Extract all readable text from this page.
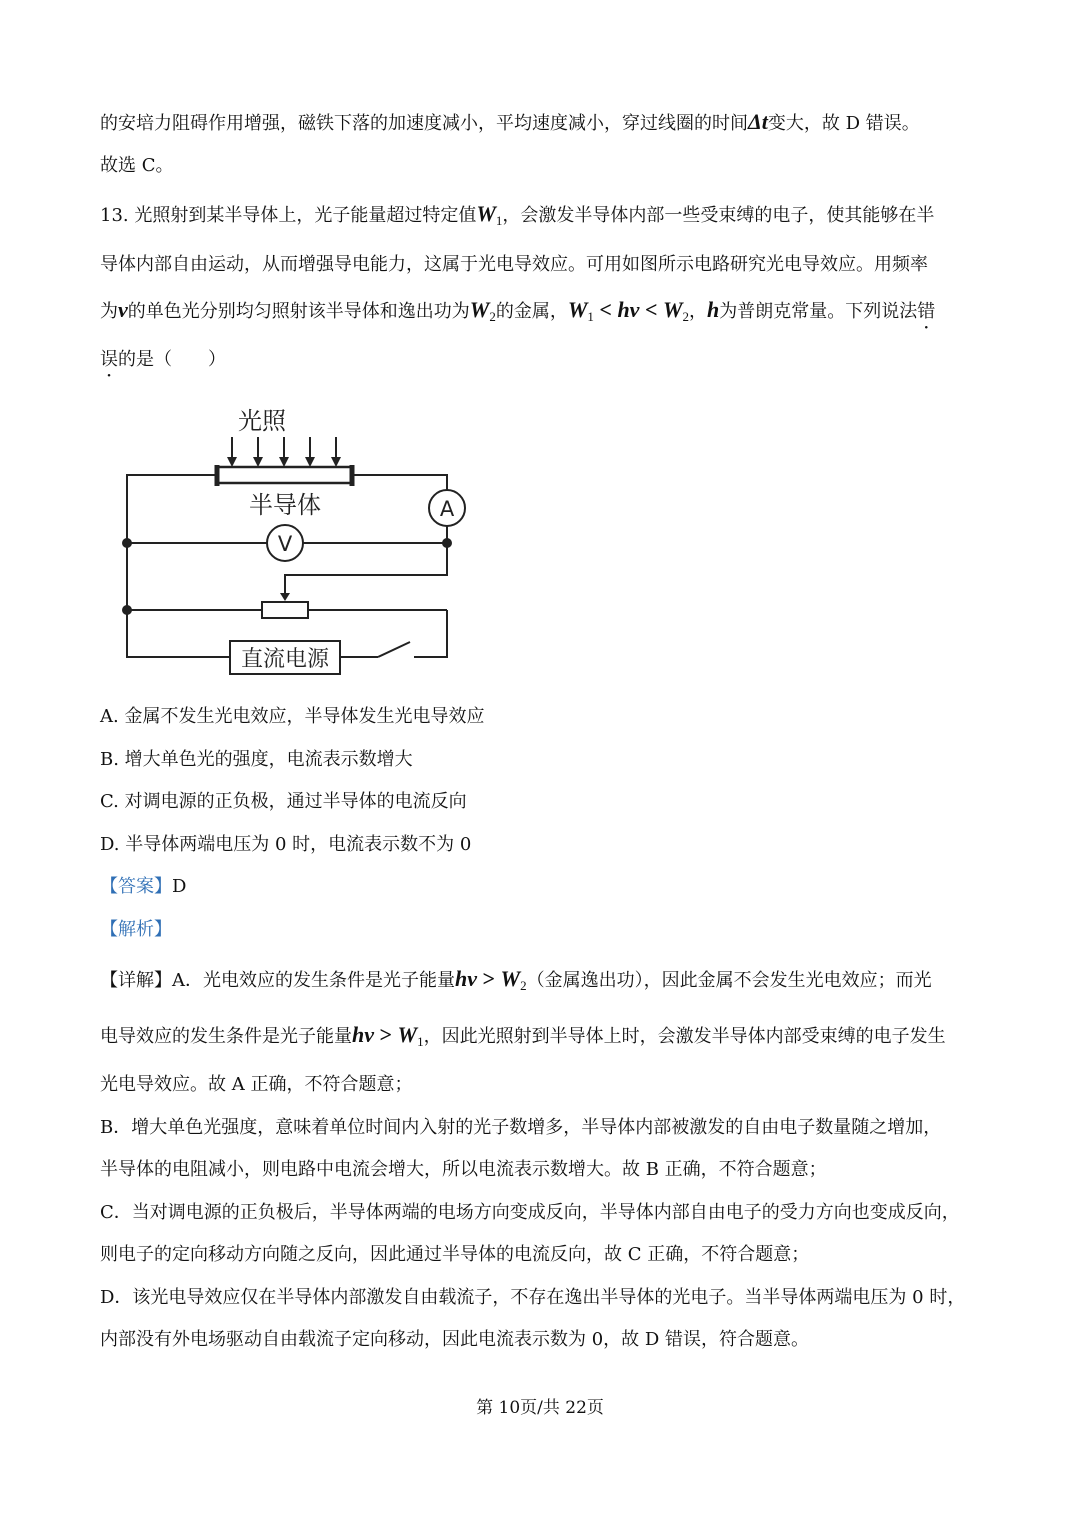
的安培力阻碍作用增强，磁铁下落的加速度减小，平均速度减小，穿过线圈的时间Δt变大，故 D 错误。
故选 C。
13. 光照射到某半导体上，光子能量超过特定值$W_1$，会激发半导体内部一些受束缚的电子，使其能够在半
导体内部自由运动，从而增强导电能力，这属于光电导效应。可用如图所示电路研究光电导效应。用频率
为ν的单色光分别均匀照射该半导体和逸出功为$W_2$的金属，$W_1 < h\nu < W_2$，h为普朗克常量。下列说法错
误的是（　　）
光照
半导体	A
V
直流电源
A. 金属不发生光电效应，半导体发生光电导效应
B. 增大单色光的强度，电流表示数增大
C. 对调电源的正负极，通过半导体的电流反向
D. 半导体两端电压为 0 时，电流表示数不为 0
【答案】D
【解析】
【详解】A．光电效应的发生条件是光子能量$h\nu > W_2$（金属逸出功），因此金属不会发生光电效应；而光
电导效应的发生条件是光子能量$h\nu > W_1$，因此光照射到半导体上时，会激发半导体内部受束缚的电子发生
光电导效应。故 A 正确，不符合题意；
B．增大单色光强度，意味着单位时间内入射的光子数增多，半导体内部被激发的自由电子数量随之增加，
半导体的电阻减小，则电路中电流会增大，所以电流表示数增大。故 B 正确，不符合题意；
C．当对调电源的正负极后，半导体两端的电场方向变成反向，半导体内部自由电子的受力方向也变成反向，
则电子的定向移动方向随之反向，因此通过半导体的电流反向，故 C 正确，不符合题意；
D．该光电导效应仅在半导体内部激发自由载流子，不存在逸出半导体的光电子。当半导体两端电压为 0 时，
内部没有外电场驱动自由载流子定向移动，因此电流表示数为 0，故 D 错误，符合题意。
第 10页/共 22页
